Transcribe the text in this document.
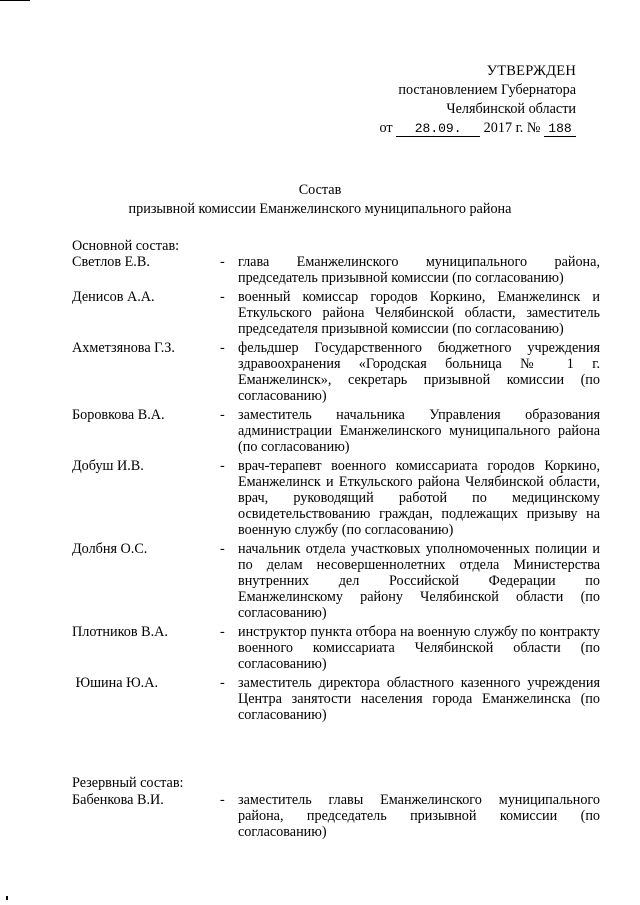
УТВЕРЖДЕН
постановлением Губернатора
Челябинской области
от 28.09. 2017 г. № 188
Состав
призывной комиссии Еманжелинского муниципального района
Основной состав:
Светлов Е.В.	- глава Еманжелинского муниципального района, председатель призывной комиссии (по согласованию)
Денисов А.А.	- военный комиссар городов Коркино, Еманжелинск и Еткульского района Челябинской области, заместитель председателя призывной комиссии (по согласованию)
Ахметзянова Г.З.	- фельдшер Государственного бюджетного учреждения здравоохранения «Городская больница № 1 г. Еманжелинск», секретарь призывной комиссии (по согласованию)
Боровкова В.А.	- заместитель начальника Управления образования администрации Еманжелинского муниципального района (по согласованию)
Добуш И.В.	- врач-терапевт военного комиссариата городов Коркино, Еманжелинск и Еткульского района Челябинской области, врач, руководящий работой по медицинскому освидетельствованию граждан, подлежащих призыву на военную службу (по согласованию)
Долбня О.С.	- начальник отдела участковых уполномоченных полиции и по делам несовершеннолетних отдела Министерства внутренних дел Российской Федерации по Еманжелинскому району Челябинской области (по согласованию)
Плотников В.А.	- инструктор пункта отбора на военную службу по контракту военного комиссариата Челябинской области (по согласованию)
Юшина Ю.А.	- заместитель директора областного казенного учреждения Центра занятости населения города Еманжелинска (по согласованию)
Резервный состав:
Бабенкова В.И.	- заместитель главы Еманжелинского муниципального района, председатель призывной комиссии (по согласованию)
